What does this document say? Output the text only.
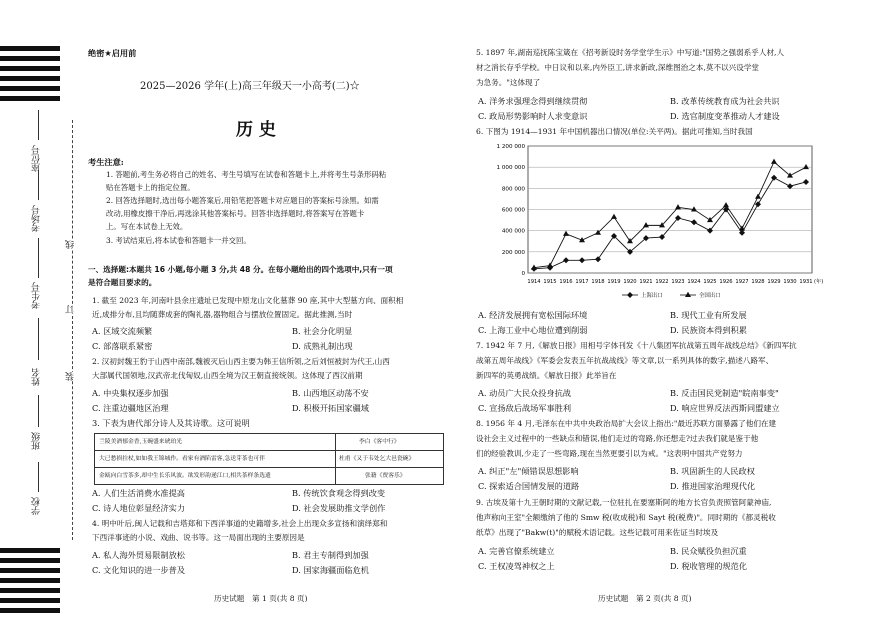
座位号
考场号
考生号
姓名
班级
学校
线
订
装
绝密★启用前
2025—2026 学年(上)高三年级天一小高考(二)☆
历 史
考生注意:
1. 答题前,考生务必将自己的姓名、考生号填写在试卷和答题卡上,并将考生号条形码粘
贴在答题卡上的指定位置。
2. 回答选择题时,选出每小题答案后,用铅笔把答题卡对应题目的答案标号涂黑。如需
改动,用橡皮擦干净后,再选涂其他答案标号。回答非选择题时,将答案写在答题卡
上。写在本试卷上无效。
3. 考试结束后,将本试卷和答题卡一并交回。
一、选择题:本题共 16 小题,每小题 3 分,共 48 分。在每小题给出的四个选项中,只有一项
是符合题目要求的。
1. 截至 2023 年,河南叶县余庄遗址已发现中原龙山文化墓葬 90 座,其中大型墓方向、面积相
近,成排分布,且均随葬成套的陶礼器,器物组合与摆放位置固定。据此推测,当时
A. 区域交流频繁	B. 社会分化明显
C. 部落联系紧密	D. 成熟礼制出现
2. 汉初封魏王豹于山西中南部,魏被灭后山西主要为韩王信所领,之后刘恒被封为代王,山西
大部属代国领地,汉武帝北伐匈奴,山西全境为汉王朝直接统领。这体现了西汉前期
A. 中央集权逐步加强	B. 山西地区动荡不安
C. 注重边疆地区治理	D. 积极开拓国家疆域
3. 下表为唐代部分诗人及其诗歌。这可说明
兰陵美酒郁金香,玉碗盛来琥珀光	李白《客中行》
大已愁损拄杖,如如我王锦城作。看家有酒陷雷客,急送芽茶也可伴	杜甫《又于韦处乞大邑瓷碗》
金瓯向白雪茶多,却中生长乐风波。欲发形韵递江口,相共茶样条选遗	张籍《贾客乐》
A. 人们生活消费水准提高	B. 传统饮食观念得到改变
C. 诗人地位彰显经济实力	D. 社会发展助推文学创作
4. 明中叶后,闽人记载和吉塔郑和下西洋事道的史籍增多,社会上出现众多宣扬和演绎郑和
下西洋事迹的小说、戏曲、说书等。这一局面出现的主要原因是
A. 私人海外贸易限制放松	B. 君主专制得到加强
C. 文化知识的进一步普及	D. 国家海疆面临危机
历史试题　第 1 页(共 8 页)
5. 1897 年,湖南巡抚陈宝箴在《招考新设时务学堂学生示》中写道:"国势之强弱系乎人材,人
材之消长存乎学校。中日议和以来,内外臣工,讲求新政,深维图治之本,莫不以兴设学堂
为急务。"这体现了
A. 洋务求强理念得到继续贯彻	B. 改革传统教育成为社会共识
C. 政局形势影响时人求变意识	D. 选官制度变革推动人才建设
6. 下图为 1914—1931 年中国机器出口情况(单位:关平两)。据此可推知,当时我国
0
200 000
400 000
600 000
800 000
1 000 000
1 200 000
1914 1915 1916 1917 1918 1919 1920 1921 1922 1923 1924 1925 1926 1927 1928 1929 1930 1931 (年)
上海出口	全国出口
A. 经济发展拥有宽松国际环境	B. 现代工业有所发展
C. 上海工业中心地位遭到削弱	D. 民族资本得到积累
7. 1942 年 7 月,《解放日报》用相号字体刊发《十八集团军抗战第五周年战线总结》《新四军抗
战第五周年战线》《军委会发表五年抗战战线》等文章,以一系列具体的数字,描述八路军、
新四军的英勇战绩。《解放日报》此举旨在
A. 动员广大民众投身抗战	B. 反击国民党制造"皖南事变"
C. 宣扬敌后战场军事胜利	D. 响应世界反法西斯同盟建立
8. 1956 年 4 月,毛泽东在中共中央政治局扩大会议上指出:"最近苏联方面暴露了他们在建
设社会主义过程中的一些缺点和错误,他们走过的弯路,你还想走?过去我们就是鉴于他
们的经验教训,少走了一些弯路,现在当然更要引以为戒。"这表明中国共产党努力
A. 纠正"左"倾错误思想影响	B. 巩固新生的人民政权
C. 探索适合国情发展的道路	D. 推进国家治理现代化
9. 古埃及第十九王朝时期的文献记载,一位驻扎在要塞斯阿的地方长官负责照管阿蒙神庙,
他声称向王室"全额缴纳了他的 Smw 税(收成税)和 Sayt 税(税费)"。同时期的《都灵税收
纸草》出现了"Bakw(t)"的赋税术语记载。这些记载可用来佐证当时埃及
A. 完善官僚系统建立	B. 民众赋役负担沉重
C. 王权凌驾神权之上	D. 税收管理的规范化
历史试题　第 2 页(共 8 页)
